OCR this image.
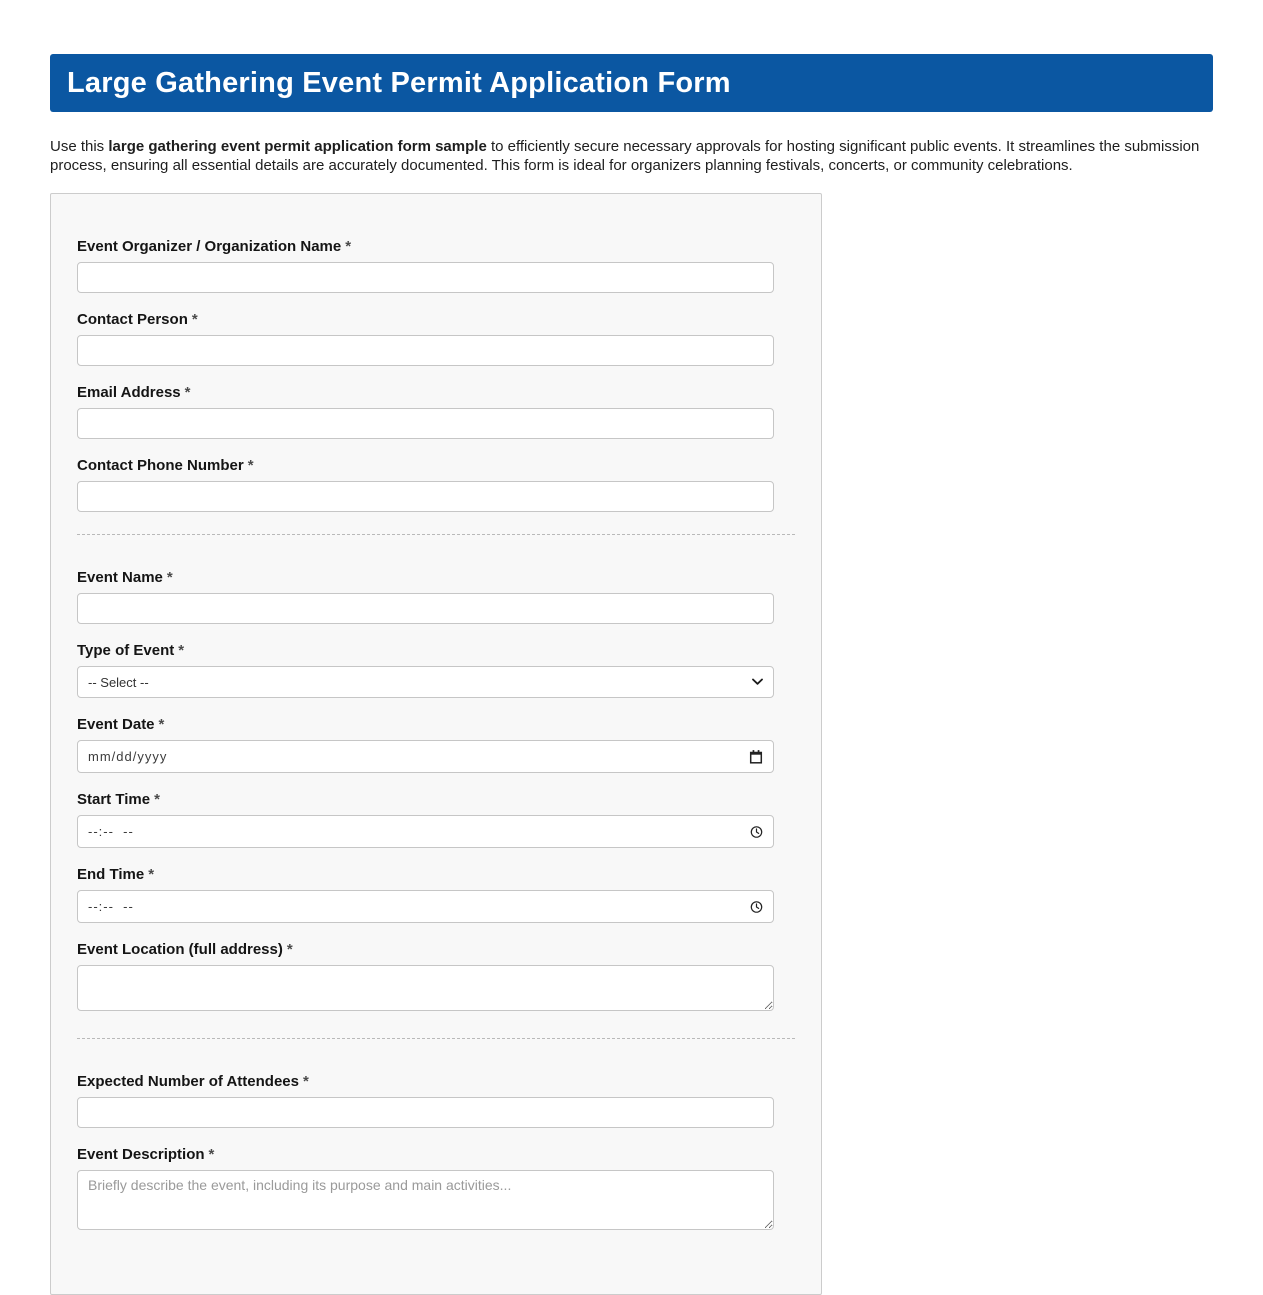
Large Gathering Event Permit Application Form

Use this large gathering event permit application form sample to efficiently secure necessary approvals for hosting significant public events. It streamlines the submission process, ensuring all essential details are accurately documented. This form is ideal for organizers planning festivals, concerts, or community celebrations.

Event Organizer / Organization Name *
Contact Person *
Email Address *
Contact Phone Number *
Event Name *
Type of Event *
-- Select --
Event Date *
mm/dd/yyyy
Start Time *
--:-- --
End Time *
--:-- --
Event Location (full address) *
Expected Number of Attendees *
Event Description *
Briefly describe the event, including its purpose and main activities...
